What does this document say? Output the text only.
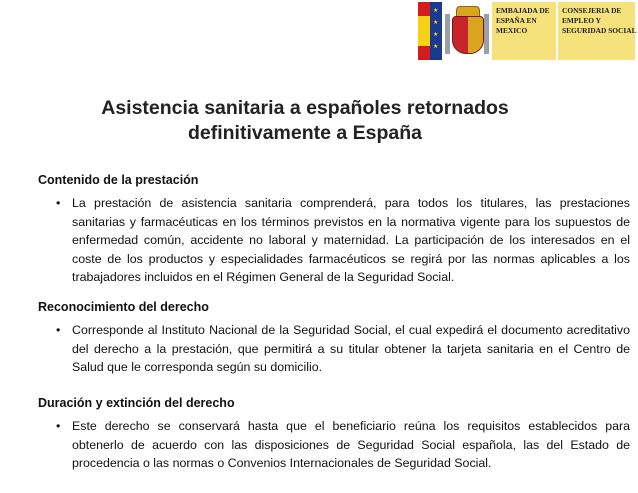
★
★
★
★
EMBAJADA DE
ESPAÑA EN
MEXICO
CONSEJERIA DE
EMPLEO Y
SEGURIDAD SOCIAL
Asistencia sanitaria a españoles retornados
definitivamente a España
Contenido de la prestación
• La prestación de asistencia sanitaria comprenderá, para todos los titulares, las prestaciones sanitarias y farmacéuticas en los términos previstos en la normativa vigente para los supuestos de enfermedad común, accidente no laboral y maternidad. La participación de los interesados en el coste de los productos y especialidades farmacéuticos se regirá por las normas aplicables a los trabajadores incluidos en el Régimen General de la Seguridad Social.
Reconocimiento del derecho
• Corresponde al Instituto Nacional de la Seguridad Social, el cual expedirá el documento acreditativo del derecho a la prestación, que permitirá a su titular obtener la tarjeta sanitaria en el Centro de Salud que le corresponda según su domicilio.
Duración y extinción del derecho
• Este derecho se conservará hasta que el beneficiario reúna los requisitos establecidos para obtenerlo de acuerdo con las disposiciones de Seguridad Social española, las del Estado de procedencia o las normas o Convenios Internacionales de Seguridad Social.
